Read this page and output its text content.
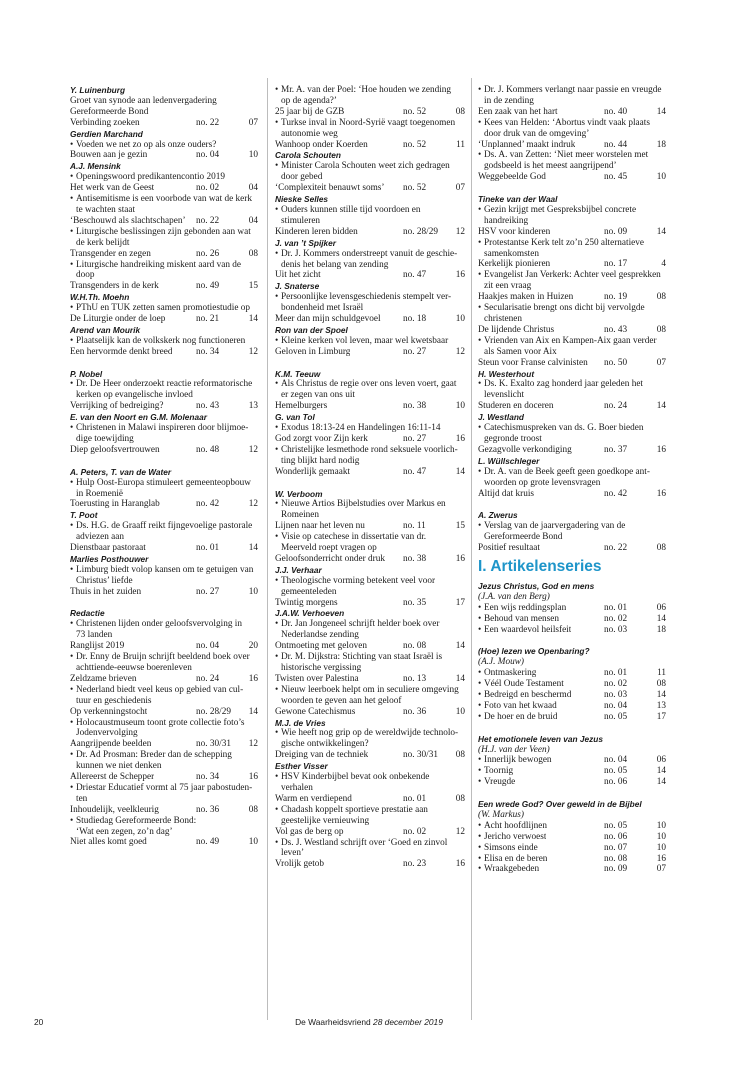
Y. Luinenburg
Groet van synode aan ledenvergadering
Gereformeerde Bond
Verbinding zoeken	no. 22	07
Gerdien Marchand
• Voeden we net zo op als onze ouders?
Bouwen aan je gezin	no. 04	10
A.J. Mensink
• Openingswoord predikantencontio 2019
Het werk van de Geest	no. 02	04
• Antisemitisme is een voorbode van wat de kerk
te wachten staat
‘Beschouwd als slachtschapen’ no. 22	04
• Liturgische beslissingen zijn gebonden aan wat
de kerk belijdt
Transgender en zegen	no. 26	08
• Liturgische handreiking miskent aard van de
doop
Transgenders in de kerk	no. 49	15
W.H.Th. Moehn
• PThU en TUK zetten samen promotiestudie op
De Liturgie onder de loep	no. 21	14
Arend van Mourik
• Plaatselijk kan de volkskerk nog functioneren
Een hervormde denkt breed	no. 34	12
P. Nobel
• Dr. De Heer onderzoekt reactie reformatorische
kerken op evangelische invloed
Verrijking of bedreiging?	no. 43	13
E. van den Noort en G.M. Molenaar
• Christenen in Malawi inspireren door blijmoe-
dige toewijding
Diep geloofsvertrouwen	no. 48	12
A. Peters, T. van de Water
• Hulp Oost-Europa stimuleert gemeenteopbouw
in Roemenië
Toerusting in Haranglab	no. 42	12
T. Poot
• Ds. H.G. de Graaff reikt fijngevoelige pastorale
adviezen aan
Dienstbaar pastoraat	no. 01	14
Marlies Posthouwer
• Limburg biedt volop kansen om te getuigen van
Christus’ liefde
Thuis in het zuiden	no. 27	10
Redactie
• Christenen lijden onder geloofsvervolging in
73 landen
Ranglijst 2019	no. 04	20
• Dr. Enny de Bruijn schrijft beeldend boek over
achttiende-eeuwse boerenleven
Zeldzame brieven	no. 24	16
• Nederland biedt veel keus op gebied van cul-
tuur en geschiedenis
Op verkenningstocht	no. 28/29	14
• Holocaustmuseum toont grote collectie foto’s
Jodenvervolging
Aangrijpende beelden	no. 30/31	12
• Dr. Ad Prosman: Breder dan de schepping
kunnen we niet denken
Allereerst de Schepper	no. 34	16
• Driestar Educatief vormt al 75 jaar pabostuden-
ten
Inhoudelijk, veelkleurig	no. 36	08
• Studiedag Gereformeerde Bond:
‘Wat een zegen, zo’n dag’
Niet alles komt goed	no. 49	10
• Mr. A. van der Poel: ‘Hoe houden we zending
op de agenda?’
25 jaar bij de GZB	no. 52	08
• Turkse inval in Noord-Syrië vaagt toegenomen
autonomie weg
Wanhoop onder Koerden	no. 52	11
Carola Schouten
• Minister Carola Schouten weet zich gedragen
door gebed
‘Complexiteit benauwt soms’ no. 52	07
Nieske Selles
• Ouders kunnen stille tijd voordoen en
stimuleren
Kinderen leren bidden	no. 28/29	12
J. van ’t Spijker
• Dr. J. Kommers onderstreept vanuit de geschie-
denis het belang van zending
Uit het zicht	no. 47	16
J. Snaterse
• Persoonlijke levensgeschiedenis stempelt ver-
bondenheid met Israël
Meer dan mijn schuldgevoel no. 18	10
Ron van der Spoel
• Kleine kerken vol leven, maar wel kwetsbaar
Geloven in Limburg	no. 27	12
K.M. Teeuw
• Als Christus de regie over ons leven voert, gaat
er zegen van ons uit
Hemelburgers	no. 38	10
G. van Tol
• Exodus 18:13-24 en Handelingen 16:11-14
God zorgt voor Zijn kerk	no. 27	16
• Christelijke lesmethode rond seksuele voorlich-
ting blijkt hard nodig
Wonderlijk gemaakt	no. 47	14
W. Verboom
• Nieuwe Artios Bijbelstudies over Markus en
Romeinen
Lijnen naar het leven nu	no. 11	15
• Visie op catechese in dissertatie van dr.
Meerveld roept vragen op
Geloofsonderricht onder druk no. 38	16
J.J. Verhaar
• Theologische vorming betekent veel voor
gemeenteleden
Twintig morgens	no. 35	17
J.A.W. Verhoeven
• Dr. Jan Jongeneel schrijft helder boek over
Nederlandse zending
Ontmoeting met geloven	no. 08	14
• Dr. M. Dijkstra: Stichting van staat Israël is
historische vergissing
Twisten over Palestina	no. 13	14
• Nieuw leerboek helpt om in seculiere omgeving
woorden te geven aan het geloof
Gewone Catechismus	no. 36	10
M.J. de Vries
• Wie heeft nog grip op de wereldwijde technolo-
gische ontwikkelingen?
Dreiging van de techniek	no. 30/31	08
Esther Visser
• HSV Kinderbijbel bevat ook onbekende
verhalen
Warm en verdiepend	no. 01	08
• Chadash koppelt sportieve prestatie aan
geestelijke vernieuwing
Vol gas de berg op	no. 02	12
• Ds. J. Westland schrijft over ‘Goed en zinvol
leven’
Vrolijk getob	no. 23	16
• Dr. J. Kommers verlangt naar passie en vreugde
in de zending
Een zaak van het hart	no. 40	14
• Kees van Helden: ‘Abortus vindt vaak plaats
door druk van de omgeving’
‘Unplanned’ maakt indruk	no. 44	18
• Ds. A. van Zetten: ‘Niet meer worstelen met
godsbeeld is het meest aangrijpend’
Weggebeelde God	no. 45	10
Tineke van der Waal
• Gezin krijgt met Gespreksbijbel concrete
handreiking
HSV voor kinderen	no. 09	14
• Protestantse Kerk telt zo’n 250 alternatieve
samenkomsten
Kerkelijk pionieren	no. 17	4
• Evangelist Jan Verkerk: Achter veel gesprekken
zit een vraag
Haakjes maken in Huizen	no. 19	08
• Secularisatie brengt ons dicht bij vervolgde
christenen
De lijdende Christus	no. 43	08
• Vrienden van Aix en Kampen-Aix gaan verder
als Samen voor Aix
Steun voor Franse calvinisten no. 50	07
H. Westerhout
• Ds. K. Exalto zag honderd jaar geleden het
levenslicht
Studeren en doceren	no. 24	14
J. Westland
• Catechismuspreken van ds. G. Boer bieden
gegronde troost
Gezagvolle verkondiging	no. 37	16
L. Wüllschleger
• Dr. A. van de Beek geeft geen goedkope ant-
woorden op grote levensvragen
Altijd dat kruis	no. 42	16
A. Zwerus
• Verslag van de jaarvergadering van de
Gereformeerde Bond
Positief resultaat	no. 22	08
I. Artikelenseries
Jezus Christus, God en mens
(J.A. van den Berg)
• Een wijs reddingsplan	no. 01	06
• Behoud van mensen	no. 02	14
• Een waardevol heilsfeit	no. 03	18
(Hoe) lezen we Openbaring?
(A.J. Mouw)
• Ontmaskering	no. 01	11
• Véél Oude Testament	no. 02	08
• Bedreigd en beschermd	no. 03	14
• Foto van het kwaad	no. 04	13
• De hoer en de bruid	no. 05	17
Het emotionele leven van Jezus
(H.J. van der Veen)
• Innerlijk bewogen	no. 04	06
• Toornig	no. 05	14
• Vreugde	no. 06	14
Een wrede God? Over geweld in de Bijbel
(W. Markus)
• Acht hoofdlijnen	no. 05	10
• Jericho verwoest	no. 06	10
• Simsons einde	no. 07	10
• Elisa en de beren	no. 08	16
• Wraakgebeden	no. 09	07
20	De Waarheidsvriend 28 december 2019
